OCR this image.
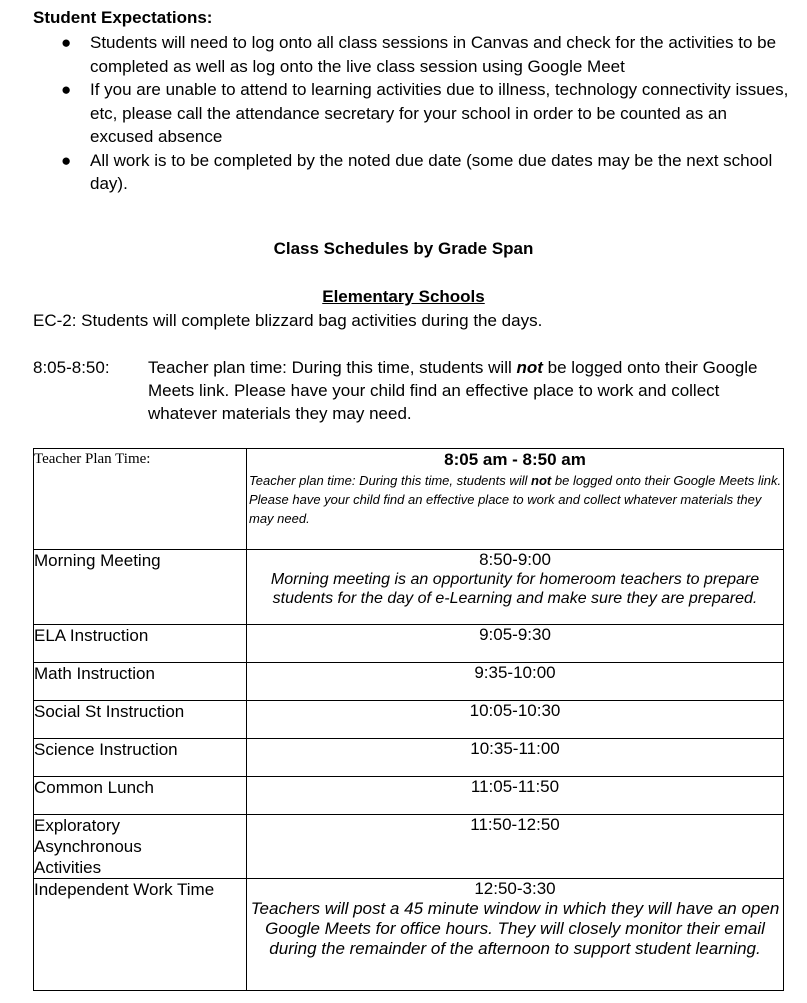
Student Expectations:
● Students will need to log onto all class sessions in Canvas and check for the activities to be completed as well as log onto the live class session using Google Meet
● If you are unable to attend to learning activities due to illness, technology connectivity issues, etc, please call the attendance secretary for your school in order to be counted as an excused absence
● All work is to be completed by the noted due date (some due dates may be the next school day).
Class Schedules by Grade Span
Elementary Schools
EC-2: Students will complete blizzard bag activities during the days.
8:05-8:50: Teacher plan time: During this time, students will not be logged onto their Google Meets link. Please have your child find an effective place to work and collect whatever materials they may need.
Teacher Plan Time:	8:05 am - 8:50 am
Teacher plan time: During this time, students will not be logged onto their Google Meets link. Please have your child find an effective place to work and collect whatever materials they may need.

Morning Meeting	8:50-9:00
Morning meeting is an opportunity for homeroom teachers to prepare students for the day of e-Learning and make sure they are prepared.

ELA Instruction	9:05-9:30

Math Instruction	9:35-10:00

Social St Instruction	10:05-10:30

Science Instruction	10:35-11:00

Common Lunch	11:05-11:50

Exploratory Asynchronous Activities	11:50-12:50

Independent Work Time	12:50-3:30
Teachers will post a 45 minute window in which they will have an open Google Meets for office hours. They will closely monitor their email during the remainder of the afternoon to support student learning.
